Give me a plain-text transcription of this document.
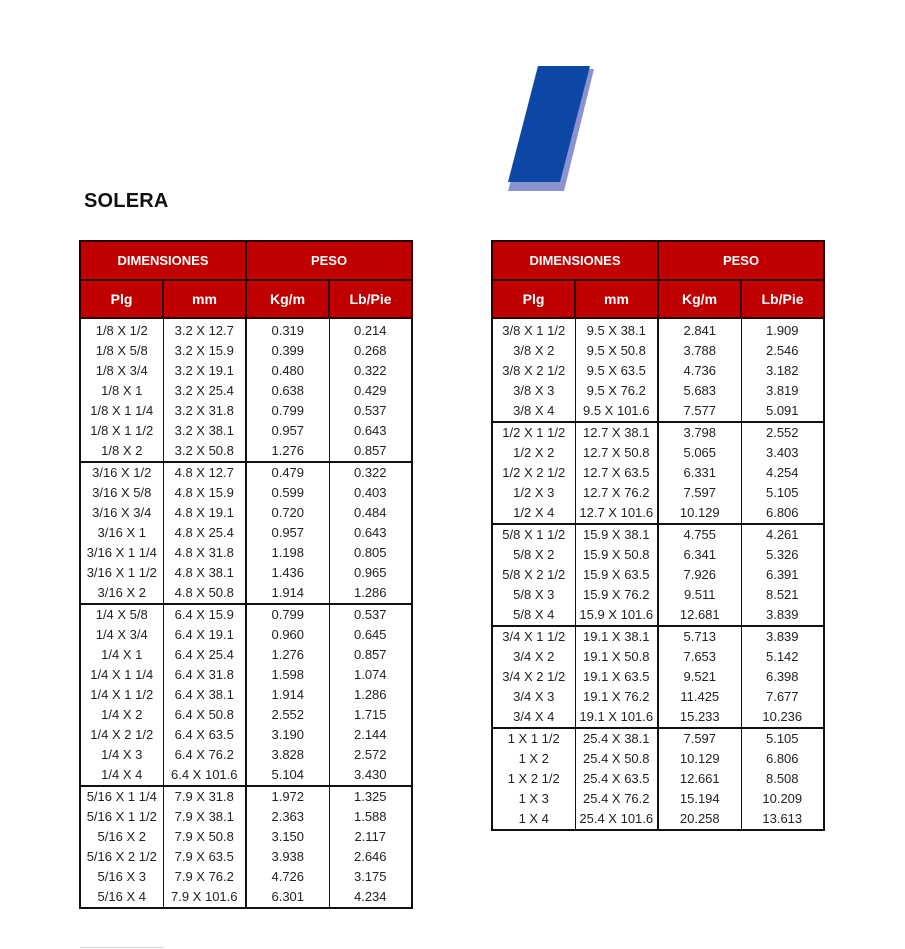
SOLERA
DIMENSIONES		PESO	
Plg	mm	Kg/m	Lb/Pie
1/8 X 1/2	3.2 X 12.7	0.319	0.214
1/8 X 5/8	3.2 X 15.9	0.399	0.268
1/8 X 3/4	3.2 X 19.1	0.480	0.322
1/8 X 1	3.2 X 25.4	0.638	0.429
1/8 X 1 1/4	3.2 X 31.8	0.799	0.537
1/8 X 1 1/2	3.2 X 38.1	0.957	0.643
1/8 X 2	3.2 X 50.8	1.276	0.857
3/16 X 1/2	4.8 X 12.7	0.479	0.322
3/16 X 5/8	4.8 X 15.9	0.599	0.403
3/16 X 3/4	4.8 X 19.1	0.720	0.484
3/16 X 1	4.8 X 25.4	0.957	0.643
3/16 X 1 1/4	4.8 X 31.8	1.198	0.805
3/16 X 1 1/2	4.8 X 38.1	1.436	0.965
3/16 X 2	4.8 X 50.8	1.914	1.286
1/4 X 5/8	6.4 X 15.9	0.799	0.537
1/4 X 3/4	6.4 X 19.1	0.960	0.645
1/4 X 1	6.4 X 25.4	1.276	0.857
1/4 X 1 1/4	6.4 X 31.8	1.598	1.074
1/4 X 1 1/2	6.4 X 38.1	1.914	1.286
1/4 X 2	6.4 X 50.8	2.552	1.715
1/4 X 2 1/2	6.4 X 63.5	3.190	2.144
1/4 X 3	6.4 X 76.2	3.828	2.572
1/4 X 4	6.4 X 101.6	5.104	3.430
5/16 X 1 1/4	7.9 X 31.8	1.972	1.325
5/16 X 1 1/2	7.9 X 38.1	2.363	1.588
5/16 X 2	7.9 X 50.8	3.150	2.117
5/16 X 2 1/2	7.9 X 63.5	3.938	2.646
5/16 X 3	7.9 X 76.2	4.726	3.175
5/16 X 4	7.9 X 101.6	6.301	4.234
DIMENSIONES		PESO	
Plg	mm	Kg/m	Lb/Pie
3/8 X 1 1/2	9.5 X 38.1	2.841	1.909
3/8 X 2	9.5 X 50.8	3.788	2.546
3/8 X 2 1/2	9.5 X 63.5	4.736	3.182
3/8 X 3	9.5 X 76.2	5.683	3.819
3/8 X 4	9.5 X 101.6	7.577	5.091
1/2 X 1 1/2	12.7 X 38.1	3.798	2.552
1/2 X 2	12.7 X 50.8	5.065	3.403
1/2 X 2 1/2	12.7 X 63.5	6.331	4.254
1/2 X 3	12.7 X 76.2	7.597	5.105
1/2 X 4	12.7 X 101.6	10.129	6.806
5/8 X 1 1/2	15.9 X 38.1	4.755	4.261
5/8 X 2	15.9 X 50.8	6.341	5.326
5/8 X 2 1/2	15.9 X 63.5	7.926	6.391
5/8 X 3	15.9 X 76.2	9.511	8.521
5/8 X 4	15.9 X 101.6	12.681	3.839
3/4 X 1 1/2	19.1 X 38.1	5.713	3.839
3/4 X 2	19.1 X 50.8	7.653	5.142
3/4 X 2 1/2	19.1 X 63.5	9.521	6.398
3/4 X 3	19.1 X 76.2	11.425	7.677
3/4 X 4	19.1 X 101.6	15.233	10.236
1 X 1 1/2	25.4 X 38.1	7.597	5.105
1 X 2	25.4 X 50.8	10.129	6.806
1 X 2 1/2	25.4 X 63.5	12.661	8.508
1 X 3	25.4 X 76.2	15.194	10.209
1 X 4	25.4 X 101.6	20.258	13.613
